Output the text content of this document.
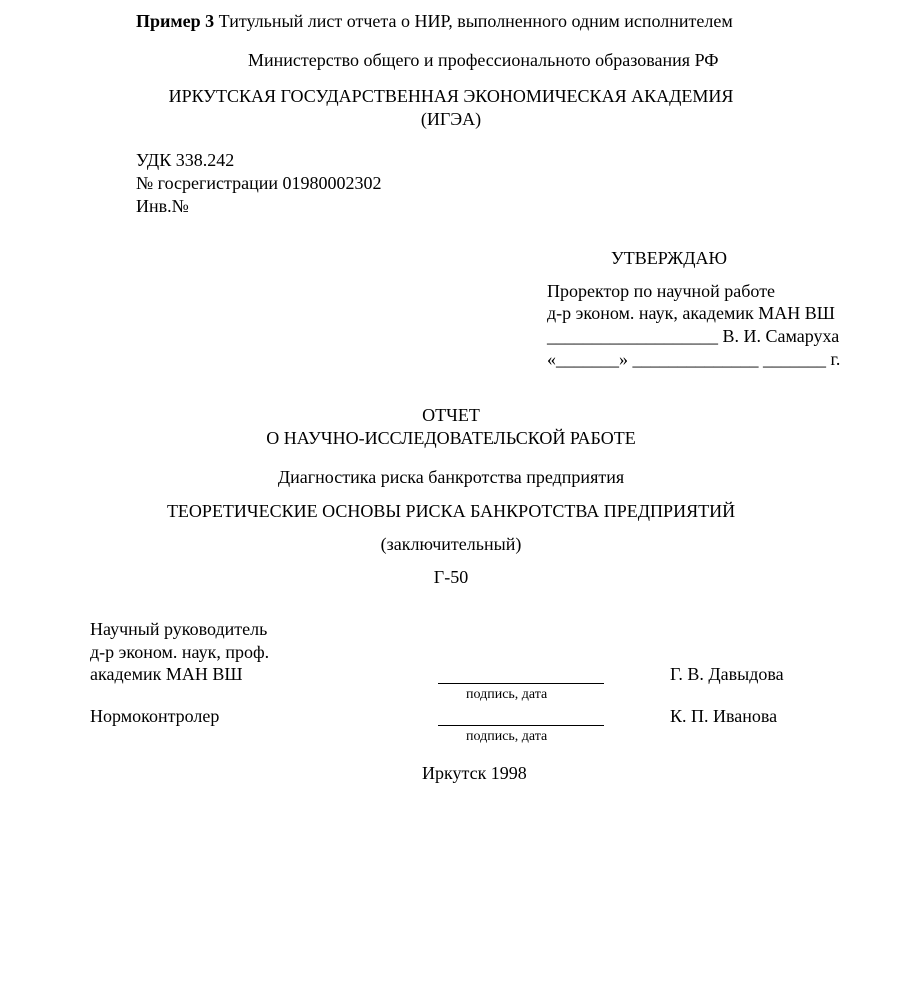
Пример 3 Титульный лист отчета о НИР, выполненного одним исполнителем
Министерство общего и профессиональнoто образования РФ
ИРКУТСКАЯ ГОСУДАРСТВЕННАЯ ЭКОНОМИЧЕСКАЯ АКАДЕМИЯ
(ИГЭА)
УДК 338.242
№ госрегистрации 01980002302
Инв.№
УТВЕРЖДАЮ
Проректор по научной работе
д-р эконом. наук, академик МАН ВШ
___________________ В. И. Самаруха
«_______» ______________ _______ г.
ОТЧЕТ
О НАУЧНО-ИССЛЕДОВАТЕЛЬСКОЙ РАБОТЕ
Диагностика риска банкротства предприятия
ТЕОРЕТИЧЕСКИЕ ОСНОВЫ РИСКА БАНКРОТСТВА ПРЕДПРИЯТИЙ
(заключительный)
Г-50
Научный руководитель
д-р эконом. наук, проф.
академик МАН ВШ
подпись, дата
Г. В. Давыдова
Нормоконтролер
подпись, дата
К. П. Иванова
Иркутск 1998
